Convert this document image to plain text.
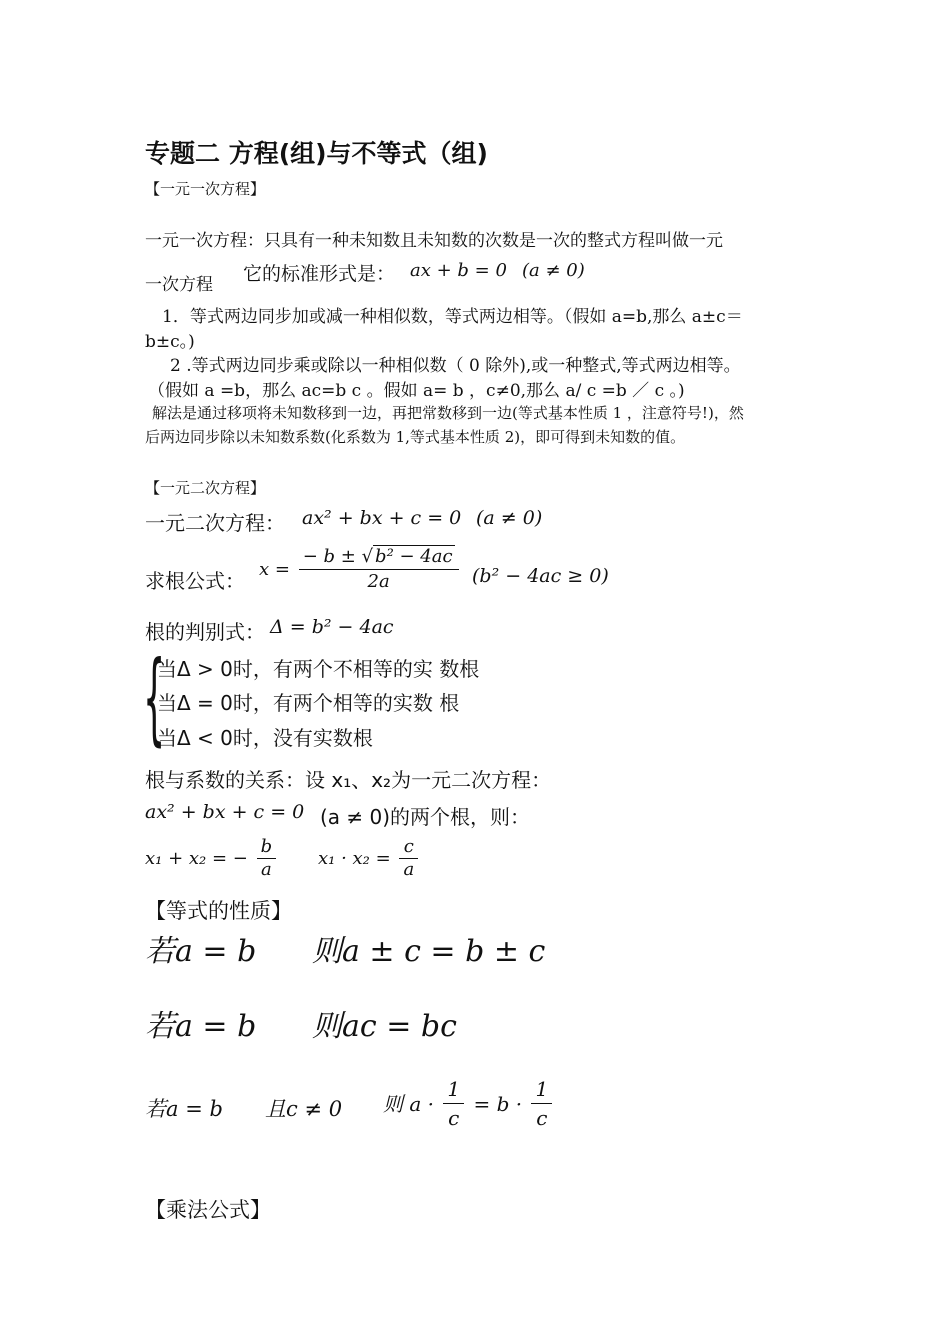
专题二 方程(组)与不等式（组)
【一元一次方程】
一元一次方程：只具有一种未知数且未知数的次数是一次的整式方程叫做一元
一次方程 它的标准形式是： ax + b = 0 (a ≠ 0)
1．等式两边同步加或减一种相似数，等式两边相等。（假如 a=b,那么 a±c＝
b±c。)
2 .等式两边同步乘或除以一种相似数（ 0 除外),或一种整式,等式两边相等。
（假如 a =b，那么 ac=b c 。假如 a= b ，c≠0,那么 a/ c =b ／ c 。)
解法是通过移项将未知数移到一边，再把常数移到一边(等式基本性质 1 ，注意符号!)，然
后两边同步除以未知数系数(化系数为 1,等式基本性质 2)，即可得到未知数的值。
【一元二次方程】
一元二次方程： ax² + bx + c = 0 (a ≠ 0)
求根公式： $x = \frac{\text{− b ± √ b² − 4ac}}{2a} (b^2 - 4ac \ge 0)$
根的判别式： Δ = b² − 4ac
{
当Δ > 0时，有两个不相等的实 数根
当Δ = 0时，有两个相等的实数 根
当Δ < 0时，没有实数根
根与系数的关系：设 x₁、x₂为一元二次方程：
ax² + bx + c = 0 (a ≠ 0)的两个根，则：
x₁ + x₂ = − $\frac{b}{a} x_1 \cdot x_2 = \frac{c}{a}$
【等式的性质】
若a = b 则a ± c = b ± c
若a = b 则ac = bc
若a = b 且c ≠ 0 则 $a \cdot \frac{1}{c} = b \cdot \frac{1}{c}$
【乘法公式】
